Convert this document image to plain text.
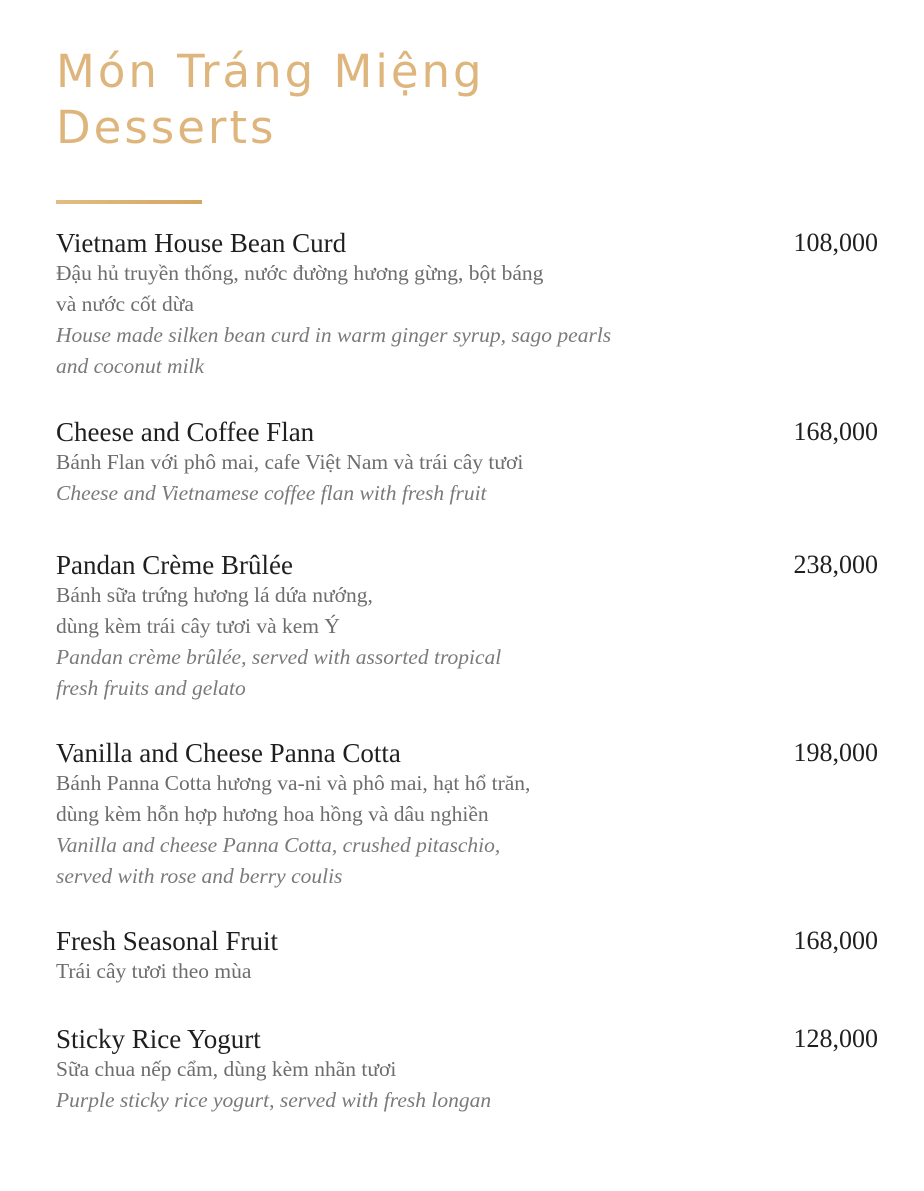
Món Tráng Miệng
Desserts
Vietnam House Bean Curd	108,000
Đậu hủ truyền thống, nước đường hương gừng, bột báng
và nước cốt dừa
House made silken bean curd in warm ginger syrup, sago pearls
and coconut milk
Cheese and Coffee Flan	168,000
Bánh Flan với phô mai, cafe Việt Nam và trái cây tươi
Cheese and Vietnamese coffee flan with fresh fruit
Pandan Crème Brûlée	238,000
Bánh sữa trứng hương lá dứa nướng,
dùng kèm trái cây tươi và kem Ý
Pandan crème brûlée, served with assorted tropical
fresh fruits and gelato
Vanilla and Cheese Panna Cotta	198,000
Bánh Panna Cotta hương va-ni và phô mai, hạt hổ trăn,
dùng kèm hỗn hợp hương hoa hồng và dâu nghiền
Vanilla and cheese Panna Cotta, crushed pitaschio,
served with rose and berry coulis
Fresh Seasonal Fruit	168,000
Trái cây tươi theo mùa
Sticky Rice Yogurt	128,000
Sữa chua nếp cẩm, dùng kèm nhãn tươi
Purple sticky rice yogurt, served with fresh longan
